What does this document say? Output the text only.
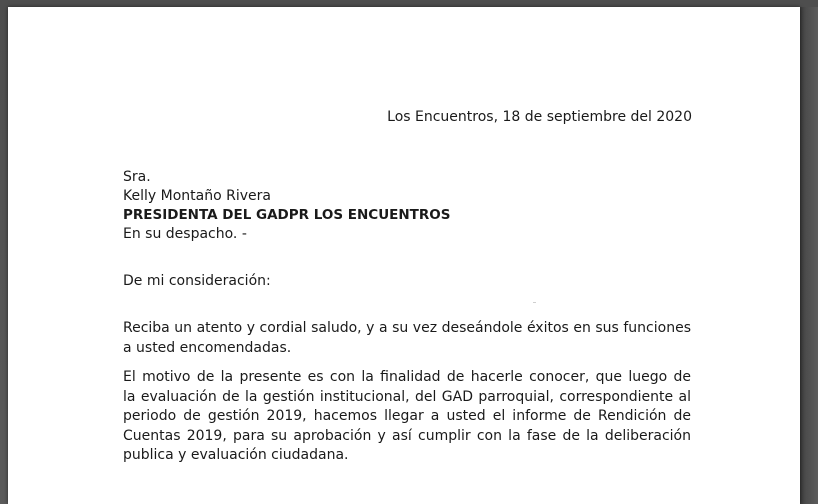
Los Encuentros, 18 de septiembre del 2020
Sra.
Kelly Montaño Rivera
PRESIDENTA DEL GADPR LOS ENCUENTROS
En su despacho. -
De mi consideración:
Reciba un atento y cordial saludo, y a su vez deseándole éxitos en sus funciones
a usted encomendadas.
El motivo de la presente es con la finalidad de hacerle conocer, que luego de
la evaluación de la gestión institucional, del GAD parroquial, correspondiente al
periodo de gestión 2019, hacemos llegar a usted el informe de Rendición de
Cuentas 2019, para su aprobación y así cumplir con la fase de la deliberación
publica y evaluación ciudadana.
